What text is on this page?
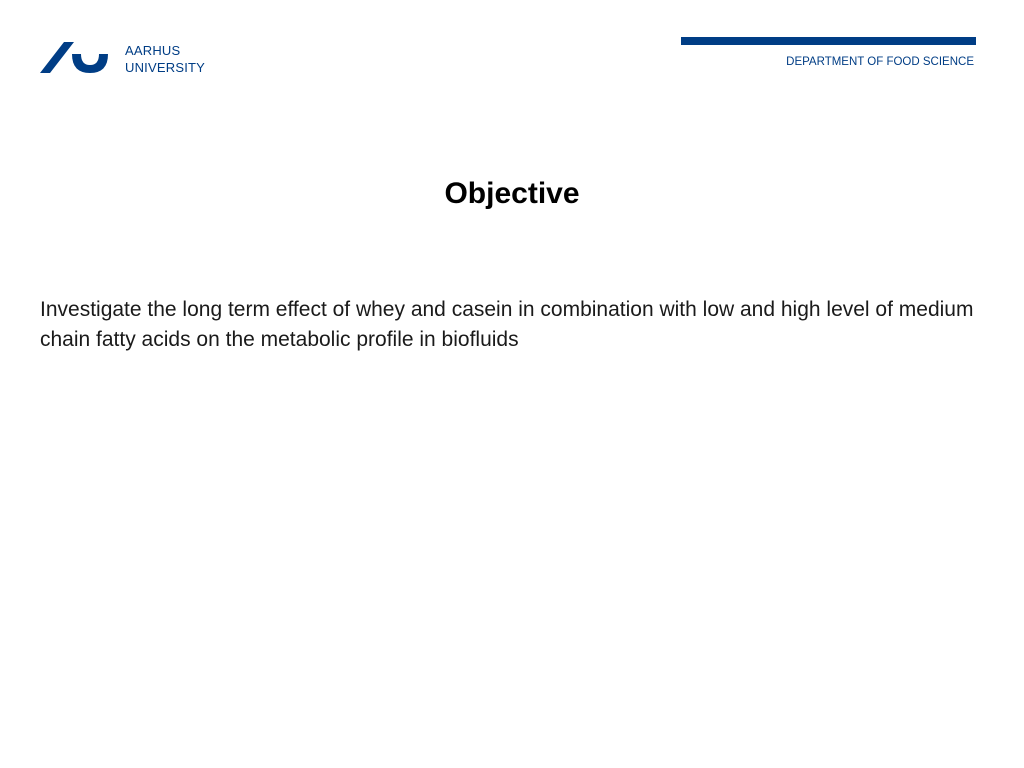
AARHUS
UNIVERSITY	DEPARTMENT OF FOOD SCIENCE
Objective

Investigate the long term effect of whey and casein in combination with low and high level of medium chain fatty acids on the metabolic profile in biofluids
